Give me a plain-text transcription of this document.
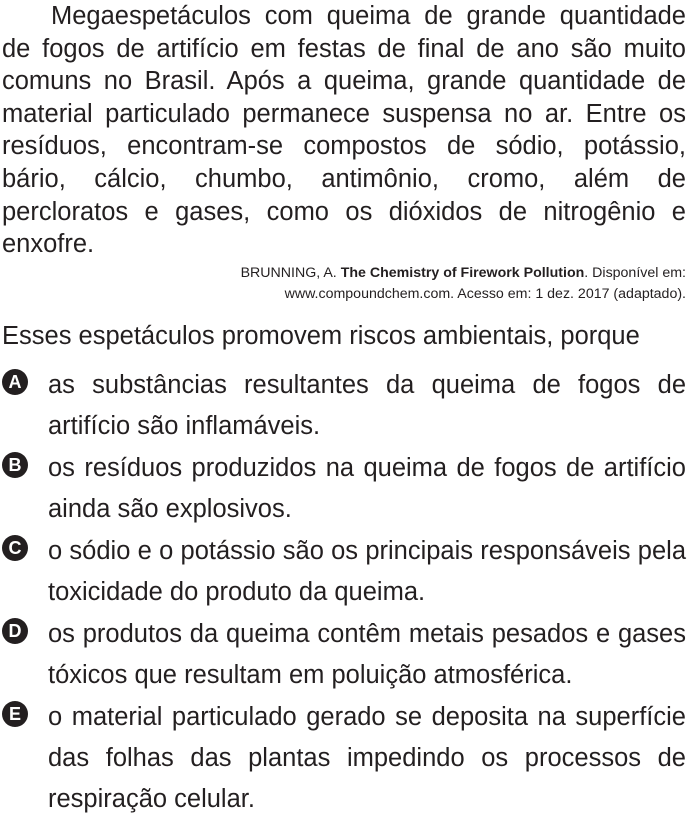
Megaespetáculos com queima de grande quantidade de fogos de artifício em festas de final de ano são muito comuns no Brasil. Após a queima, grande quantidade de material particulado permanece suspensa no ar. Entre os resíduos, encontram-se compostos de sódio, potássio, bário, cálcio, chumbo, antimônio, cromo, além de percloratos e gases, como os dióxidos de nitrogênio e enxofre.

BRUNNING, A. The Chemistry of Firework Pollution. Disponível em:
www.compoundchem.com. Acesso em: 1 dez. 2017 (adaptado).

Esses espetáculos promovem riscos ambientais, porque

A as substâncias resultantes da queima de fogos de artifício são inflamáveis.

B os resíduos produzidos na queima de fogos de artifício ainda são explosivos.

C o sódio e o potássio são os principais responsáveis pela toxicidade do produto da queima.

D os produtos da queima contêm metais pesados e gases tóxicos que resultam em poluição atmosférica.

E o material particulado gerado se deposita na superfície das folhas das plantas impedindo os processos de respiração celular.
